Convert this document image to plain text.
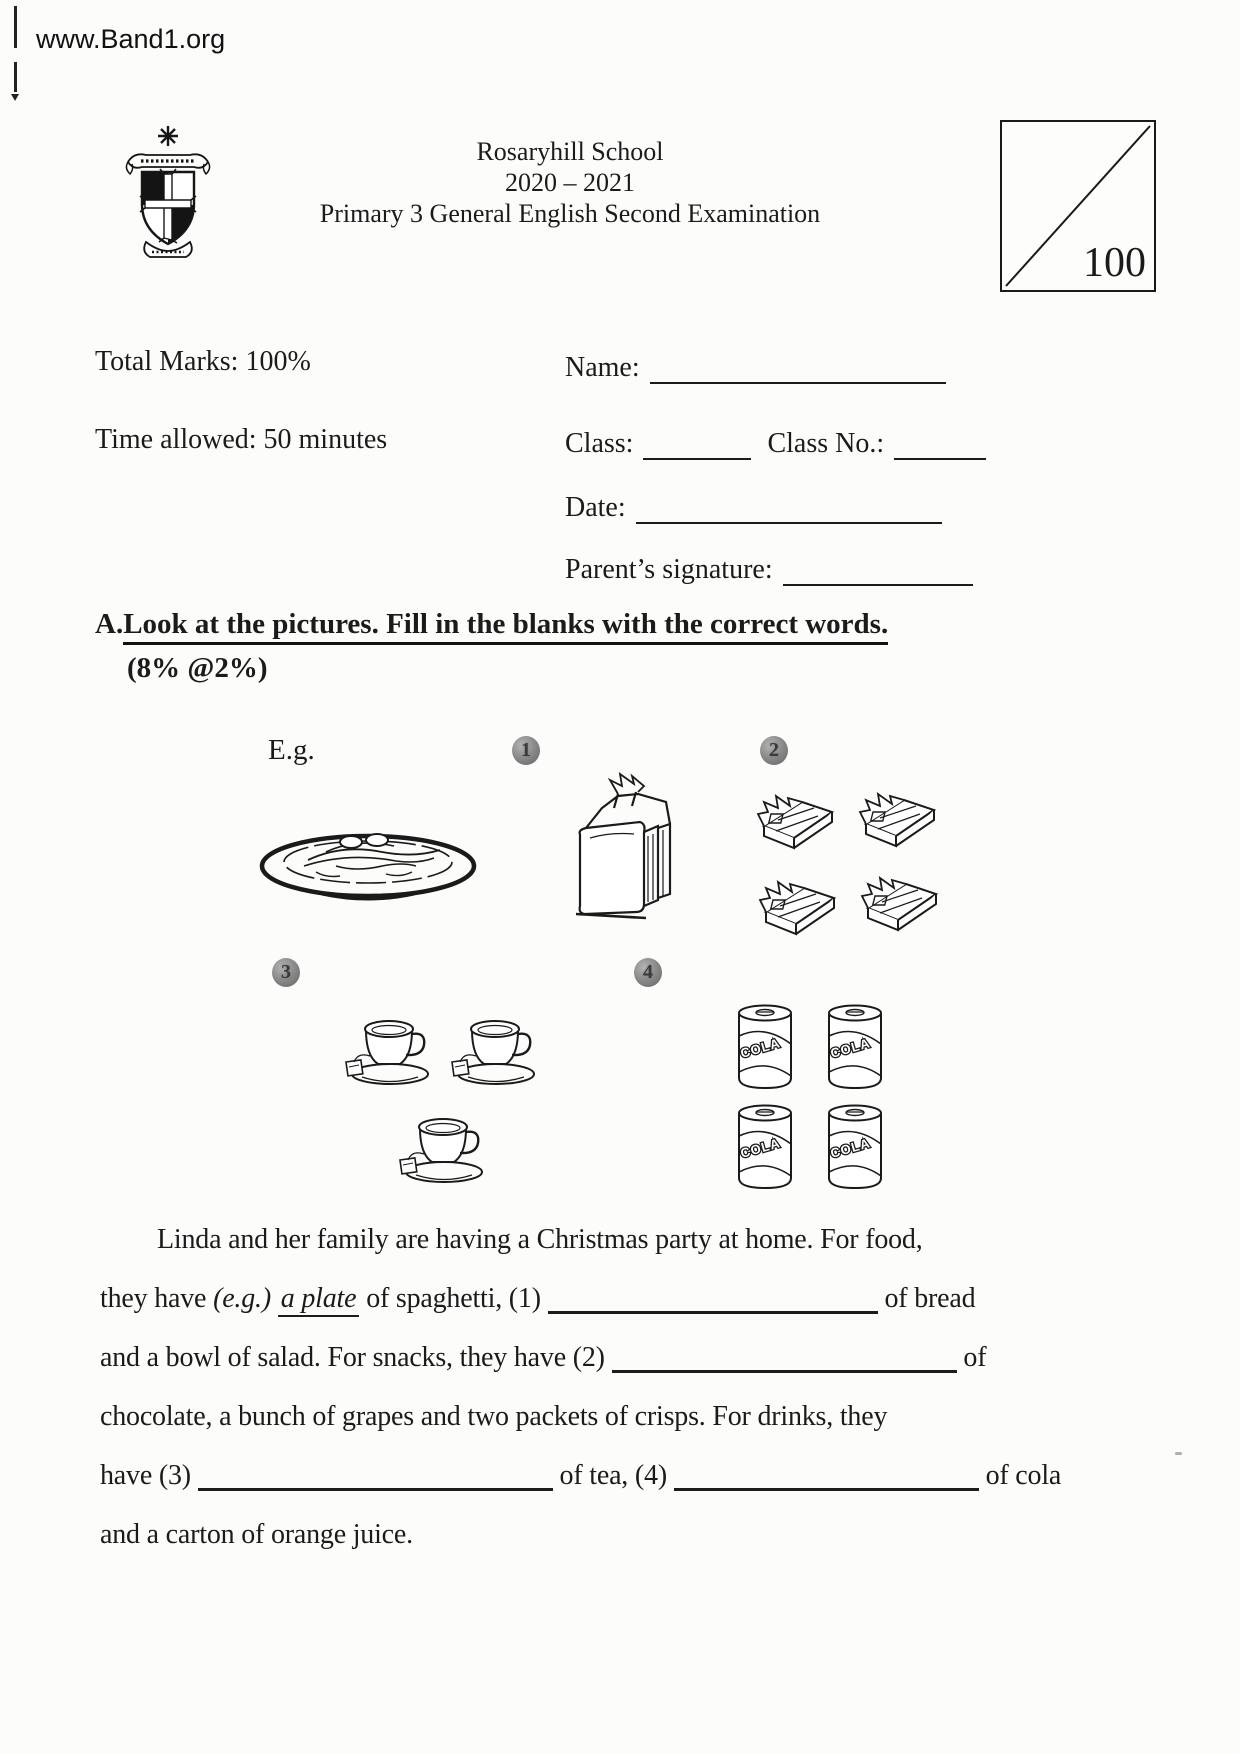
www.Band1.org
Rosaryhill School
2020 – 2021
Primary 3 General English Second Examination
100
Total Marks: 100%
Time allowed: 50 minutes
Name:
Class:	Class No.:
Date:
Parent’s signature:
A. Look at the pictures. Fill in the blanks with the correct words.
(8% @2%)
E.g.	1	2
3	4
COLA
Linda and her family are having a Christmas party at home. For food,
they have (e.g.) a plate of spaghetti, (1)	of bread
and a bowl of salad. For snacks, they have (2)	of
chocolate, a bunch of grapes and two packets of crisps. For drinks, they
have (3)	of tea, (4)	of cola
and a carton of orange juice.
